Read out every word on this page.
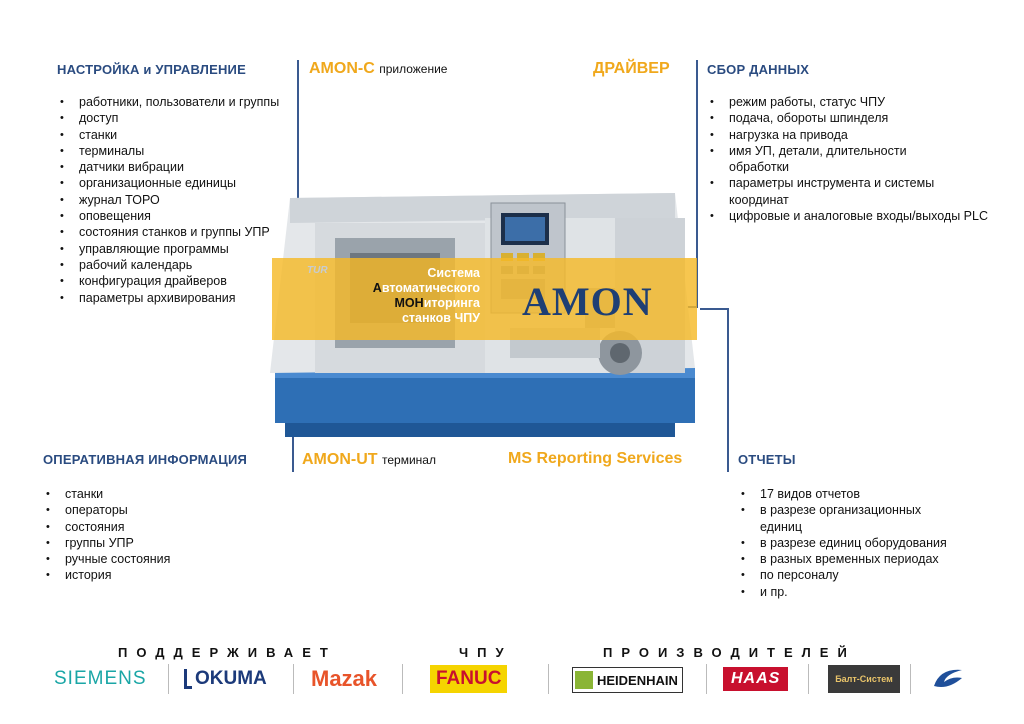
НАСТРОЙКА и УПРАВЛЕНИЕ
• работники, пользователи и группы
• доступ
• станки
• терминалы
• датчики вибрации
• организационные единицы
• журнал ТОРО
• оповещения
• состояния станков и группы УПР
• управляющие программы
• рабочий календарь
• конфигурация драйверов
• параметры архивирования
AMON-C приложение	ДРАЙВЕР	СБОР ДАННЫХ
• режим работы, статус ЧПУ
• подача, обороты шпинделя
• нагрузка на привода
• имя УП, детали, длительности обработки
• параметры инструмента и системы координат
• цифровые и аналоговые входы/выходы PLC
TUR	Система
Автоматического
МОНиторинга
станков ЧПУ AMON
ОПЕРАТИВНАЯ ИНФОРМАЦИЯ
• станки
• операторы
• состояния
• группы УПР
• ручные состояния
• история
AMON-UT терминал	MS Reporting Services	ОТЧЕТЫ
• 17 видов отчетов
• в разрезе организационных единиц
• в разрезе единиц оборудования
• в разных временных периодах
• по персоналу
• и пр.
ПОДДЕРЖИВАЕТ	ЧПУ	ПРОИЗВОДИТЕЛЕЙ
SIEMENS	OKUMA Mazak	FANUC	HEIDENHAIN	HAAS	Балт-Систем
